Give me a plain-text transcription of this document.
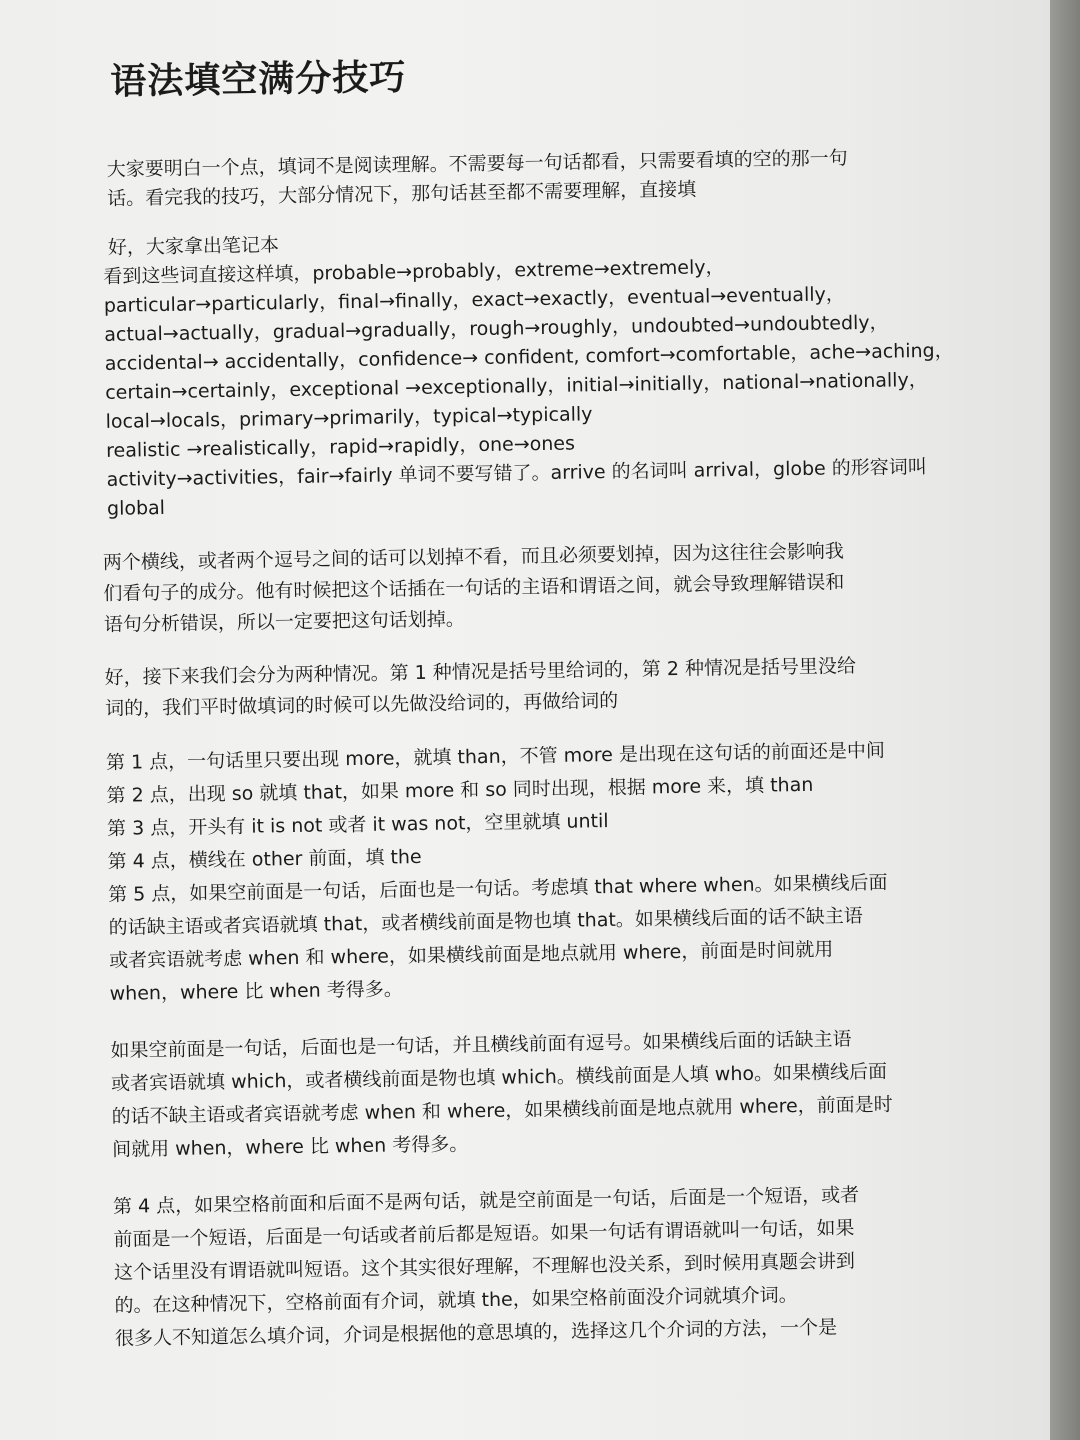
语法填空满分技巧
大家要明白一个点，填词不是阅读理解。不需要每一句话都看，只需要看填的空的那一句
话。看完我的技巧，大部分情况下，那句话甚至都不需要理解，直接填
好，大家拿出笔记本
看到这些词直接这样填，probable→probably，extreme→extremely，
particular→particularly，final→finally，exact→exactly，eventual→eventually，
actual→actually，gradual→gradually，rough→roughly，undoubted→undoubtedly，
accidental→ accidentally，confidence→ confident, comfort→comfortable，ache→aching，
certain→certainly，exceptional →exceptionally，initial→initially，national→nationally，
local→locals，primary→primarily，typical→typically
realistic →realistically，rapid→rapidly，one→ones
activity→activities，fair→fairly 单词不要写错了。arrive 的名词叫 arrival，globe 的形容词叫
global
两个横线，或者两个逗号之间的话可以划掉不看，而且必须要划掉，因为这往往会影响我
们看句子的成分。他有时候把这个话插在一句话的主语和谓语之间，就会导致理解错误和
语句分析错误，所以一定要把这句话划掉。
好，接下来我们会分为两种情况。第 1 种情况是括号里给词的，第 2 种情况是括号里没给
词的，我们平时做填词的时候可以先做没给词的，再做给词的
第 1 点，一句话里只要出现 more，就填 than，不管 more 是出现在这句话的前面还是中间
第 2 点，出现 so 就填 that，如果 more 和 so 同时出现，根据 more 来，填 than
第 3 点，开头有 it is not 或者 it was not，空里就填 until
第 4 点，横线在 other 前面，填 the
第 5 点，如果空前面是一句话，后面也是一句话。考虑填 that where when。如果横线后面
的话缺主语或者宾语就填 that，或者横线前面是物也填 that。如果横线后面的话不缺主语
或者宾语就考虑 when 和 where，如果横线前面是地点就用 where，前面是时间就用
when，where 比 when 考得多。
如果空前面是一句话，后面也是一句话，并且横线前面有逗号。如果横线后面的话缺主语
或者宾语就填 which，或者横线前面是物也填 which。横线前面是人填 who。如果横线后面
的话不缺主语或者宾语就考虑 when 和 where，如果横线前面是地点就用 where，前面是时
间就用 when，where 比 when 考得多。
第 4 点，如果空格前面和后面不是两句话，就是空前面是一句话，后面是一个短语，或者
前面是一个短语，后面是一句话或者前后都是短语。如果一句话有谓语就叫一句话，如果
这个话里没有谓语就叫短语。这个其实很好理解，不理解也没关系，到时候用真题会讲到
的。在这种情况下，空格前面有介词，就填 the，如果空格前面没介词就填介词。
很多人不知道怎么填介词，介词是根据他的意思填的，选择这几个介词的方法，一个是
